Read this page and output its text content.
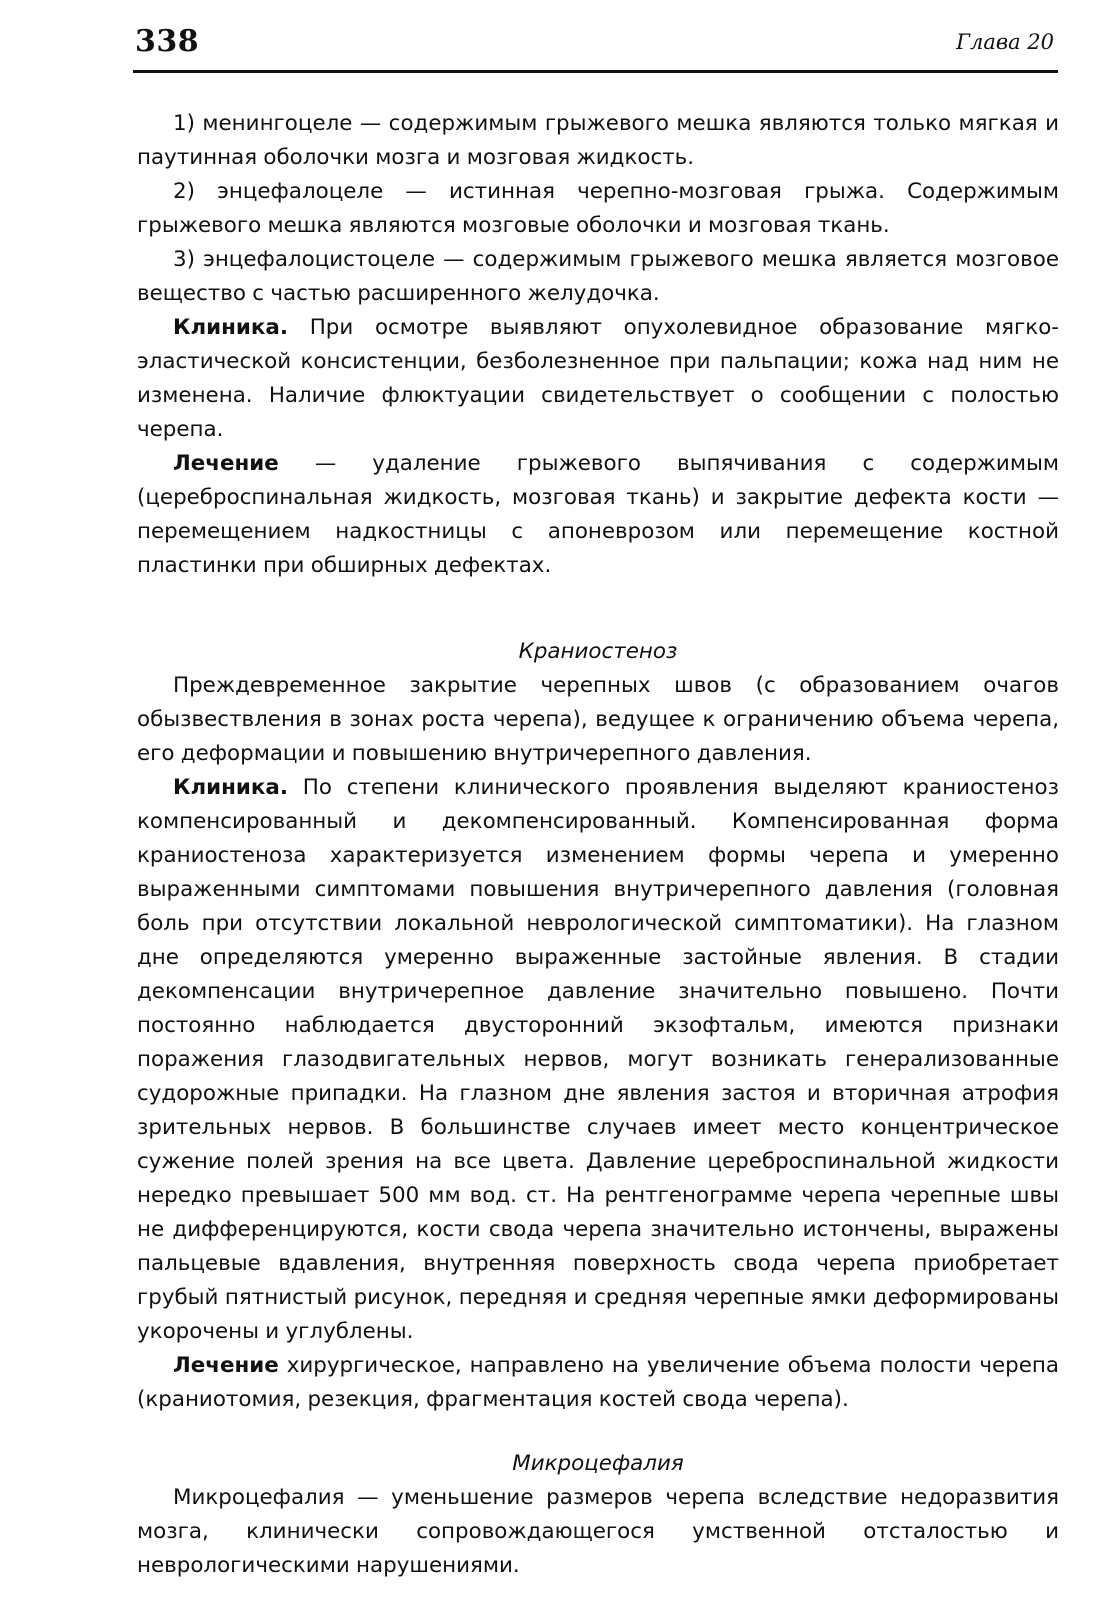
338	Глава 20

1) менингоцеле — содержимым грыжевого мешка являются только мягкая и паутинная оболочки мозга и мозговая жидкость.

2) энцефалоцеле — истинная черепно-мозговая грыжа. Содержимым грыжевого мешка являются мозговые оболочки и мозговая ткань.

3) энцефалоцистоцеле — содержимым грыжевого мешка является мозговое вещество с частью расширенного желудочка.

Клиника. При осмотре выявляют опухолевидное образование мягко-эластической консистенции, безболезненное при пальпации; кожа над ним не изменена. Наличие флюктуации свидетельствует о сообщении с полостью черепа.

Лечение — удаление грыжевого выпячивания с содержимым (цереброспинальная жидкость, мозговая ткань) и закрытие дефекта кости — перемещением надкостницы с апоневрозом или перемещение костной пластинки при обширных дефектах.

Краниостеноз

Преждевременное закрытие черепных швов (с образованием очагов обызвествления в зонах роста черепа), ведущее к ограничению объема черепа, его деформации и повышению внутричерепного давления.

Клиника. По степени клинического проявления выделяют краниостеноз компенсированный и декомпенсированный. Компенсированная форма краниостеноза характеризуется изменением формы черепа и умеренно выраженными симптомами повышения внутричерепного давления (головная боль при отсутствии локальной неврологической симптоматики). На глазном дне определяются умеренно выраженные застойные явления. В стадии декомпенсации внутричерепное давление значительно повышено. Почти постоянно наблюдается двусторонний экзофтальм, имеются признаки поражения глазодвигательных нервов, могут возникать генерализованные судорожные припадки. На глазном дне явления застоя и вторичная атрофия зрительных нервов. В большинстве случаев имеет место концентрическое сужение полей зрения на все цвета. Давление цереброспинальной жидкости нередко превышает 500 мм вод. ст. На рентгенограмме черепа черепные швы не дифференцируются, кости свода черепа значительно истончены, выражены пальцевые вдавления, внутренняя поверхность свода черепа приобретает грубый пятнистый рисунок, передняя и средняя черепные ямки деформированы укорочены и углублены.

Лечение хирургическое, направлено на увеличение объема полости черепа (краниотомия, резекция, фрагментация костей свода черепа).

Микроцефалия

Микроцефалия — уменьшение размеров черепа вследствие недоразвития мозга, клинически сопровождающегося умственной отсталостью и неврологическими нарушениями.
